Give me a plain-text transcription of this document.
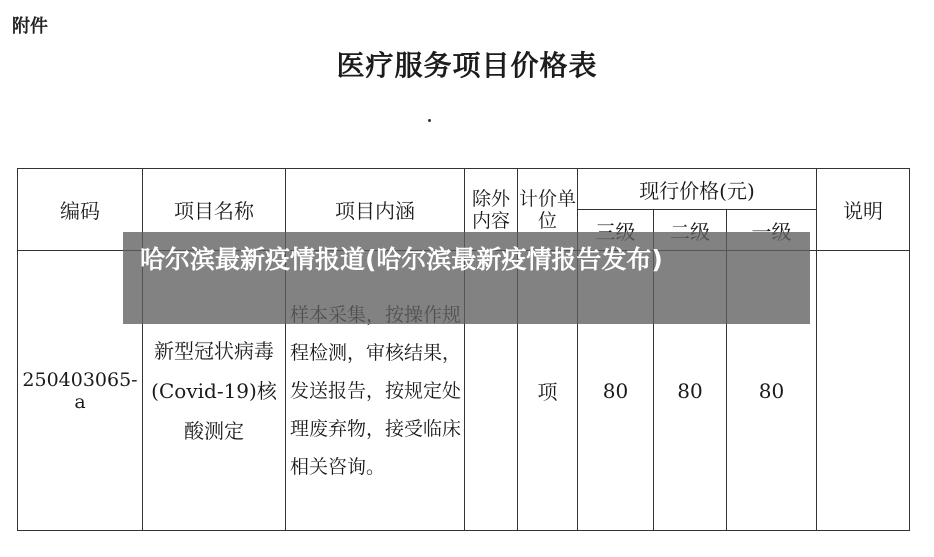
附件
医疗服务项目价格表
编码	项目名称	项目内涵	除外内容	计价单位	现行价格(元)			说明

250403065-a	新型冠状病毒(Covid-19)核酸测定	程检测，审核结果，发送报告，按规定处理废弃物，接受临床相关咨询。		项	80	80	80	
哈尔滨最新疫情报道(哈尔滨最新疫情报告发布)
